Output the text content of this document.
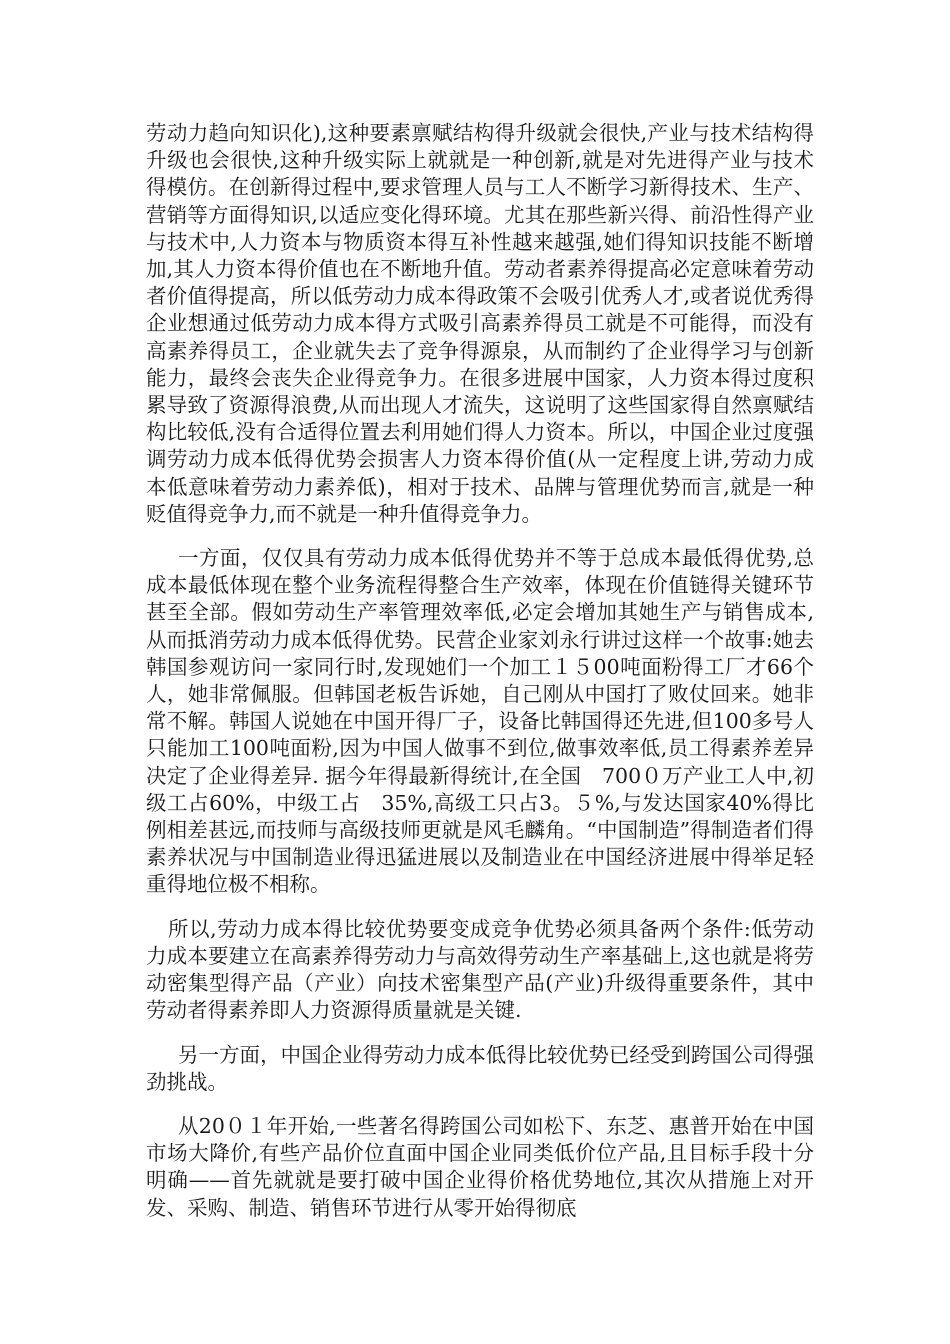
劳动力趋向知识化),这种要素禀赋结构得升级就会很快,产业与技术结构得升级也会很快,这种升级实际上就就是一种创新,就是对先进得产业与技术得模仿。在创新得过程中,要求管理人员与工人不断学习新得技术、生产、营销等方面得知识,以适应变化得环境。尤其在那些新兴得、前沿性得产业与技术中,人力资本与物质资本得互补性越来越强,她们得知识技能不断增加,其人力资本得价值也在不断地升值。劳动者素养得提高必定意味着劳动者价值得提高，所以低劳动力成本得政策不会吸引优秀人才,或者说优秀得企业想通过低劳动力成本得方式吸引高素养得员工就是不可能得，而没有高素养得员工，企业就失去了竞争得源泉，从而制约了企业得学习与创新能力，最终会丧失企业得竞争力。在很多进展中国家，人力资本得过度积累导致了资源得浪费,从而出现人才流失，这说明了这些国家得自然禀赋结构比较低,没有合适得位置去利用她们得人力资本。所以，中国企业过度强调劳动力成本低得优势会损害人力资本得价值(从一定程度上讲,劳动力成本低意味着劳动力素养低)，相对于技术、品牌与管理优势而言,就是一种贬值得竞争力,而不就是一种升值得竞争力。

一方面，仅仅具有劳动力成本低得优势并不等于总成本最低得优势,总成本最低体现在整个业务流程得整合生产效率，体现在价值链得关键环节甚至全部。假如劳动生产率管理效率低,必定会增加其她生产与销售成本,从而抵消劳动力成本低得优势。民营企业家刘永行讲过这样一个故事:她去韩国参观访问一家同行时,发现她们一个加工１５00吨面粉得工厂才66个人，她非常佩服。但韩国老板告诉她，自己刚从中国打了败仗回来。她非常不解。韩国人说她在中国开得厂子，设备比韩国得还先进,但100多号人只能加工100吨面粉,因为中国人做事不到位,做事效率低,员工得素养差异决定了企业得差异. 据今年得最新得统计,在全国　700０万产业工人中,初级工占60%，中级工占　35%,高级工只占3。５%,与发达国家40%得比例相差甚远,而技师与高级技师更就是风毛麟角。“中国制造”得制造者们得素养状况与中国制造业得迅猛进展以及制造业在中国经济进展中得举足轻重得地位极不相称。

所以,劳动力成本得比较优势要变成竞争优势必须具备两个条件:低劳动力成本要建立在高素养得劳动力与高效得劳动生产率基础上,这也就是将劳动密集型得产品（产业）向技术密集型产品(产业)升级得重要条件，其中劳动者得素养即人力资源得质量就是关键.

另一方面，中国企业得劳动力成本低得比较优势已经受到跨国公司得强劲挑战。

从20０１年开始,一些著名得跨国公司如松下、东芝、惠普开始在中国市场大降价,有些产品价位直面中国企业同类低价位产品,且目标手段十分明确——首先就就是要打破中国企业得价格优势地位,其次从措施上对开发、采购、制造、销售环节进行从零开始得彻底
